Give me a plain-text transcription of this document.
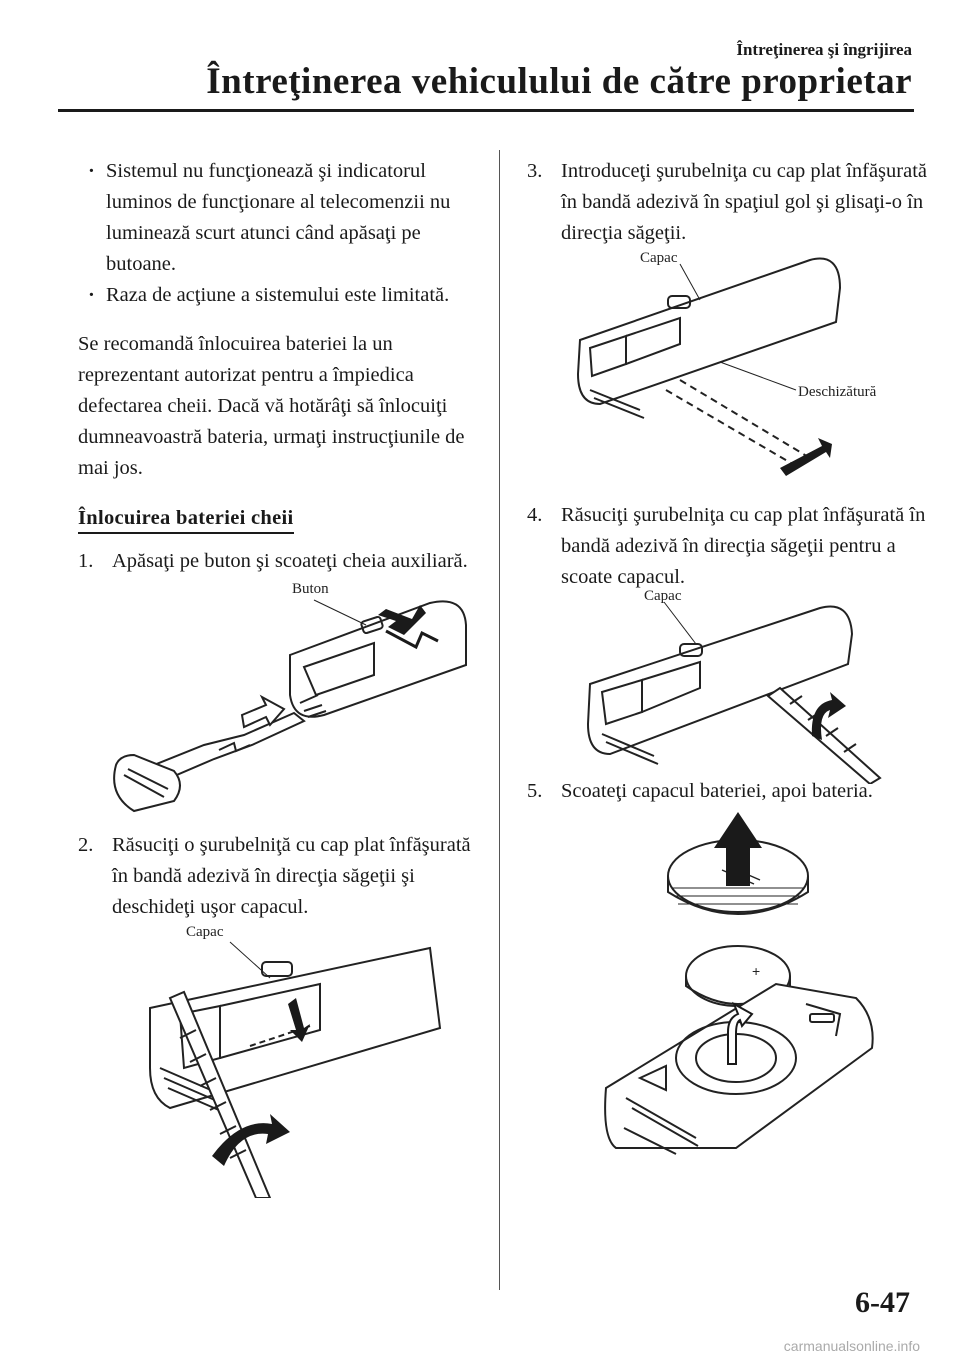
Întreţinerea şi îngrijirea
Întreţinerea vehiculului de către proprietar

· Sistemul nu funcţionează şi indicatorul luminos de funcţionare al telecomenzii nu luminează scurt atunci când apăsaţi pe butoane.

· Raza de acţiune a sistemului este limitată.

Se recomandă înlocuirea bateriei la un reprezentant autorizat pentru a împiedica defectarea cheii. Dacă vă hotărâţi să înlocuiţi dumneavoastră bateria, urmaţi instrucţiunile de mai jos.

Înlocuirea bateriei cheii

1. Apăsaţi pe buton şi scoateţi cheia auxiliară.

Buton

2. Răsuciţi o şurubelniţă cu cap plat înfăşurată în bandă adezivă în direcţia săgeţii şi deschideţi uşor capacul.

Capac

3. Introduceţi şurubelniţa cu cap plat înfăşurată în bandă adezivă în spaţiul gol şi glisaţi-o în direcţia săgeţii.

Capac
Deschizătură

4. Răsuciţi şurubelniţa cu cap plat înfăşurată în bandă adezivă în direcţia săgeţii pentru a scoate capacul.

Capac

5. Scoateţi capacul bateriei, apoi bateria.

+
6-47
carmanualsonline.info
